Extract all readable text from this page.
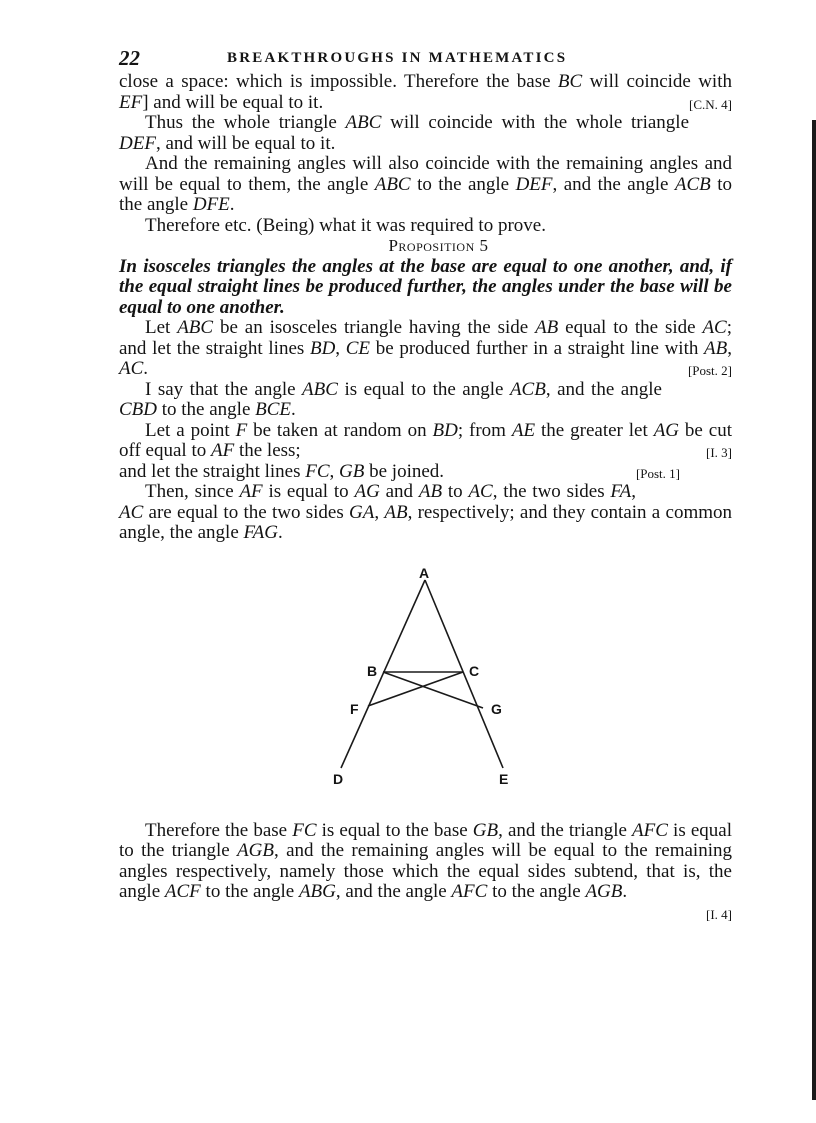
22	BREAKTHROUGHS IN MATHEMATICS

close a space: which is impossible. Therefore the base BC will coincide with EF] and will be equal to it.	[C.N. 4]

Thus the whole triangle ABC will coincide with the whole triangle DEF, and will be equal to it.

And the remaining angles will also coincide with the remaining angles and will be equal to them, the angle ABC to the angle DEF, and the angle ACB to the angle DFE.

Therefore etc. (Being) what it was required to prove.

Proposition 5

In isosceles triangles the angles at the base are equal to one another, and, if the equal straight lines be produced further, the angles under the base will be equal to one another.

Let ABC be an isosceles triangle having the side AB equal to the side AC; and let the straight lines BD, CE be produced further in a straight line with AB, AC.	[Post. 2]

I say that the angle ABC is equal to the angle ACB, and the angle CBD to the angle BCE.

Let a point F be taken at random on BD; from AE the greater let AG be cut off equal to AF the less;	[I. 3]

and let the straight lines FC, GB be joined.	[Post. 1]

Then, since AF is equal to AG and AB to AC, the two sides FA, AC are equal to the two sides GA, AB, respectively; and they contain a common angle, the angle FAG.

A
B	C
F	G
D	E

Therefore the base FC is equal to the base GB, and the triangle AFC is equal to the triangle AGB, and the remaining angles will be equal to the remaining angles respectively, namely those which the equal sides subtend, that is, the angle ACF to the angle ABG, and the angle AFC to the angle AGB.

[I. 4]
